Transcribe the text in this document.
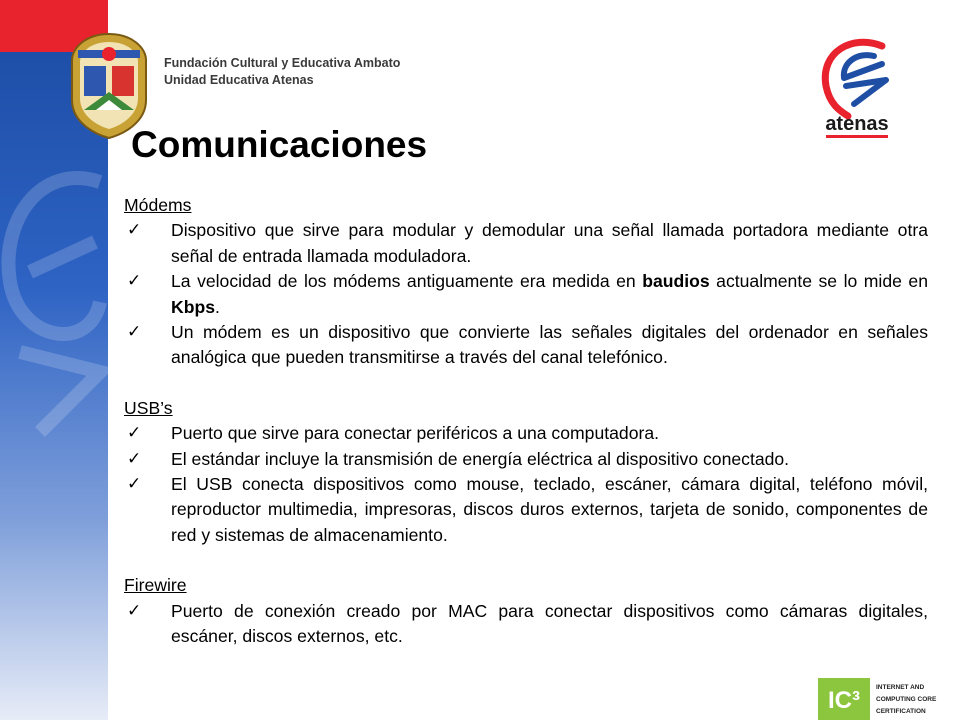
Fundación Cultural y Educativa Ambato
Unidad Educativa Atenas
atenas
Comunicaciones

Módems

✓ Dispositivo que sirve para modular y demodular una señal llamada portadora mediante otra señal de entrada llamada moduladora.
✓ La velocidad de los módems antiguamente era medida en baudios actualmente se lo mide en Kbps.
✓ Un módem es un dispositivo que convierte las señales digitales del ordenador en señales analógica que pueden transmitirse a través del canal telefónico.

USB’s

✓ Puerto que sirve para conectar periféricos a una computadora.
✓ El estándar incluye la transmisión de energía eléctrica al dispositivo conectado.
✓ El USB conecta dispositivos como mouse, teclado, escáner, cámara digital, teléfono móvil, reproductor multimedia, impresoras, discos duros externos, tarjeta de sonido, componentes de red y sistemas de almacenamiento.

Firewire

✓ Puerto de conexión creado por MAC para conectar dispositivos como cámaras digitales, escáner, discos externos, etc.
IC³ INTERNET AND
COMPUTING CORE
CERTIFICATION
